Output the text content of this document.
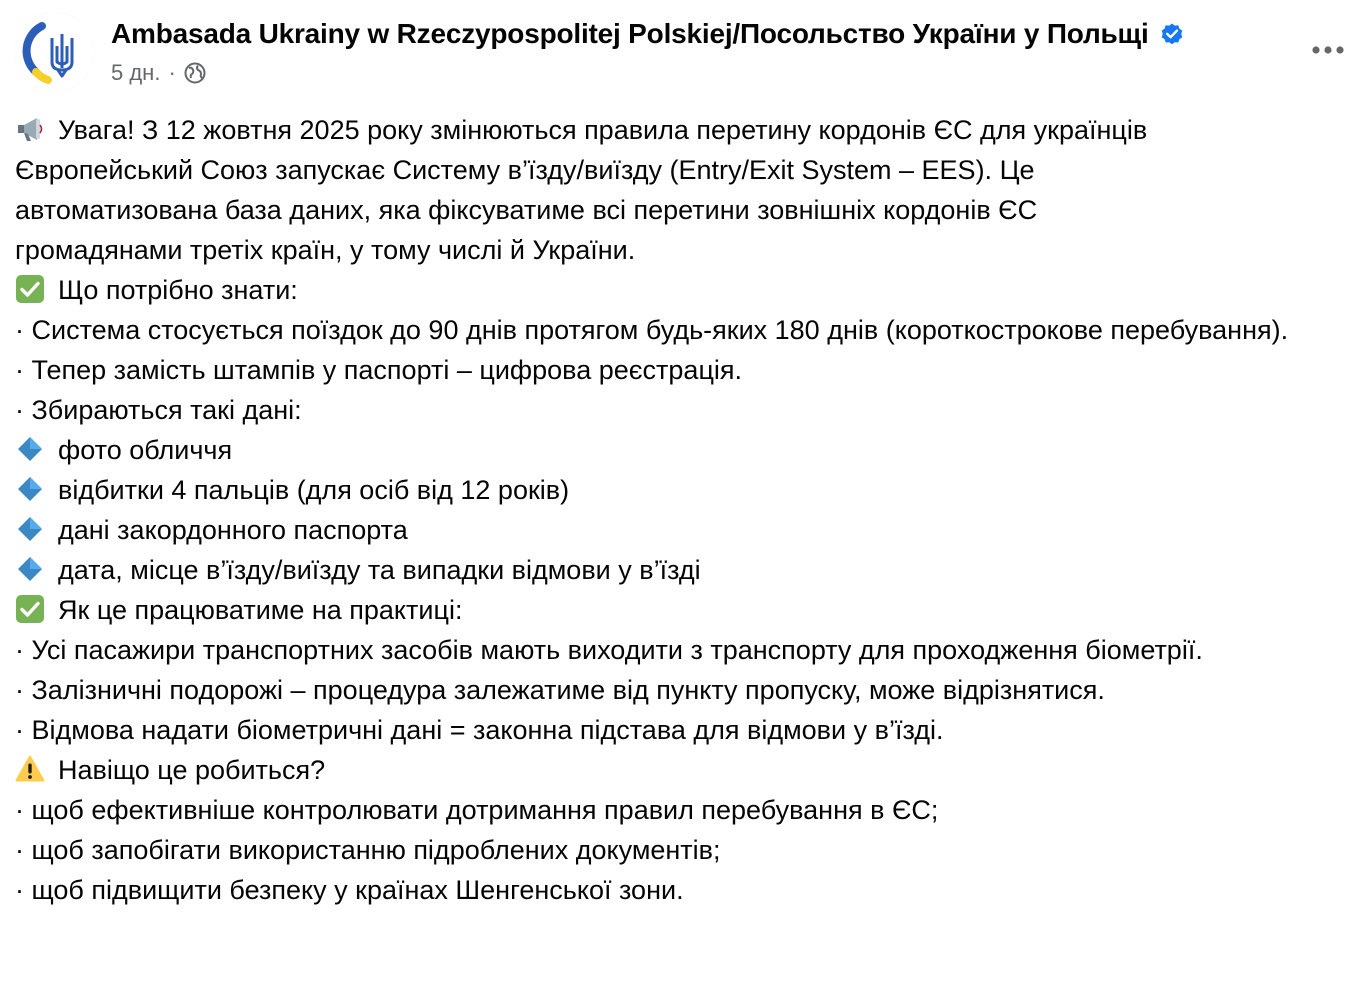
Ambasada Ukrainy w Rzeczypospolitej Polskiej/Посольство України у Польщі
5 дн. ·
Увага! З 12 жовтня 2025 року змінюються правила перетину кордонів ЄС для українців
Європейський Союз запускає Систему в’їзду/виїзду (Entry/Exit System – EES). Це
автоматизована база даних, яка фіксуватиме всі перетини зовнішніх кордонів ЄС
громадянами третіх країн, у тому числі й України.
Що потрібно знати:
· Система стосується поїздок до 90 днів протягом будь-яких 180 днів (короткострокове перебування).
· Тепер замість штампів у паспорті – цифрова реєстрація.
· Збираються такі дані:
фото обличчя
відбитки 4 пальців (для осіб від 12 років)
дані закордонного паспорта
дата, місце в’їзду/виїзду та випадки відмови у в’їзді
Як це працюватиме на практиці:
· Усі пасажири транспортних засобів мають виходити з транспорту для проходження біометрії.
· Залізничні подорожі – процедура залежатиме від пункту пропуску, може відрізнятися.
· Відмова надати біометричні дані = законна підстава для відмови у в’їзді.
Навіщо це робиться?
· щоб ефективніше контролювати дотримання правил перебування в ЄС;
· щоб запобігати використанню підроблених документів;
· щоб підвищити безпеку у країнах Шенгенської зони.
